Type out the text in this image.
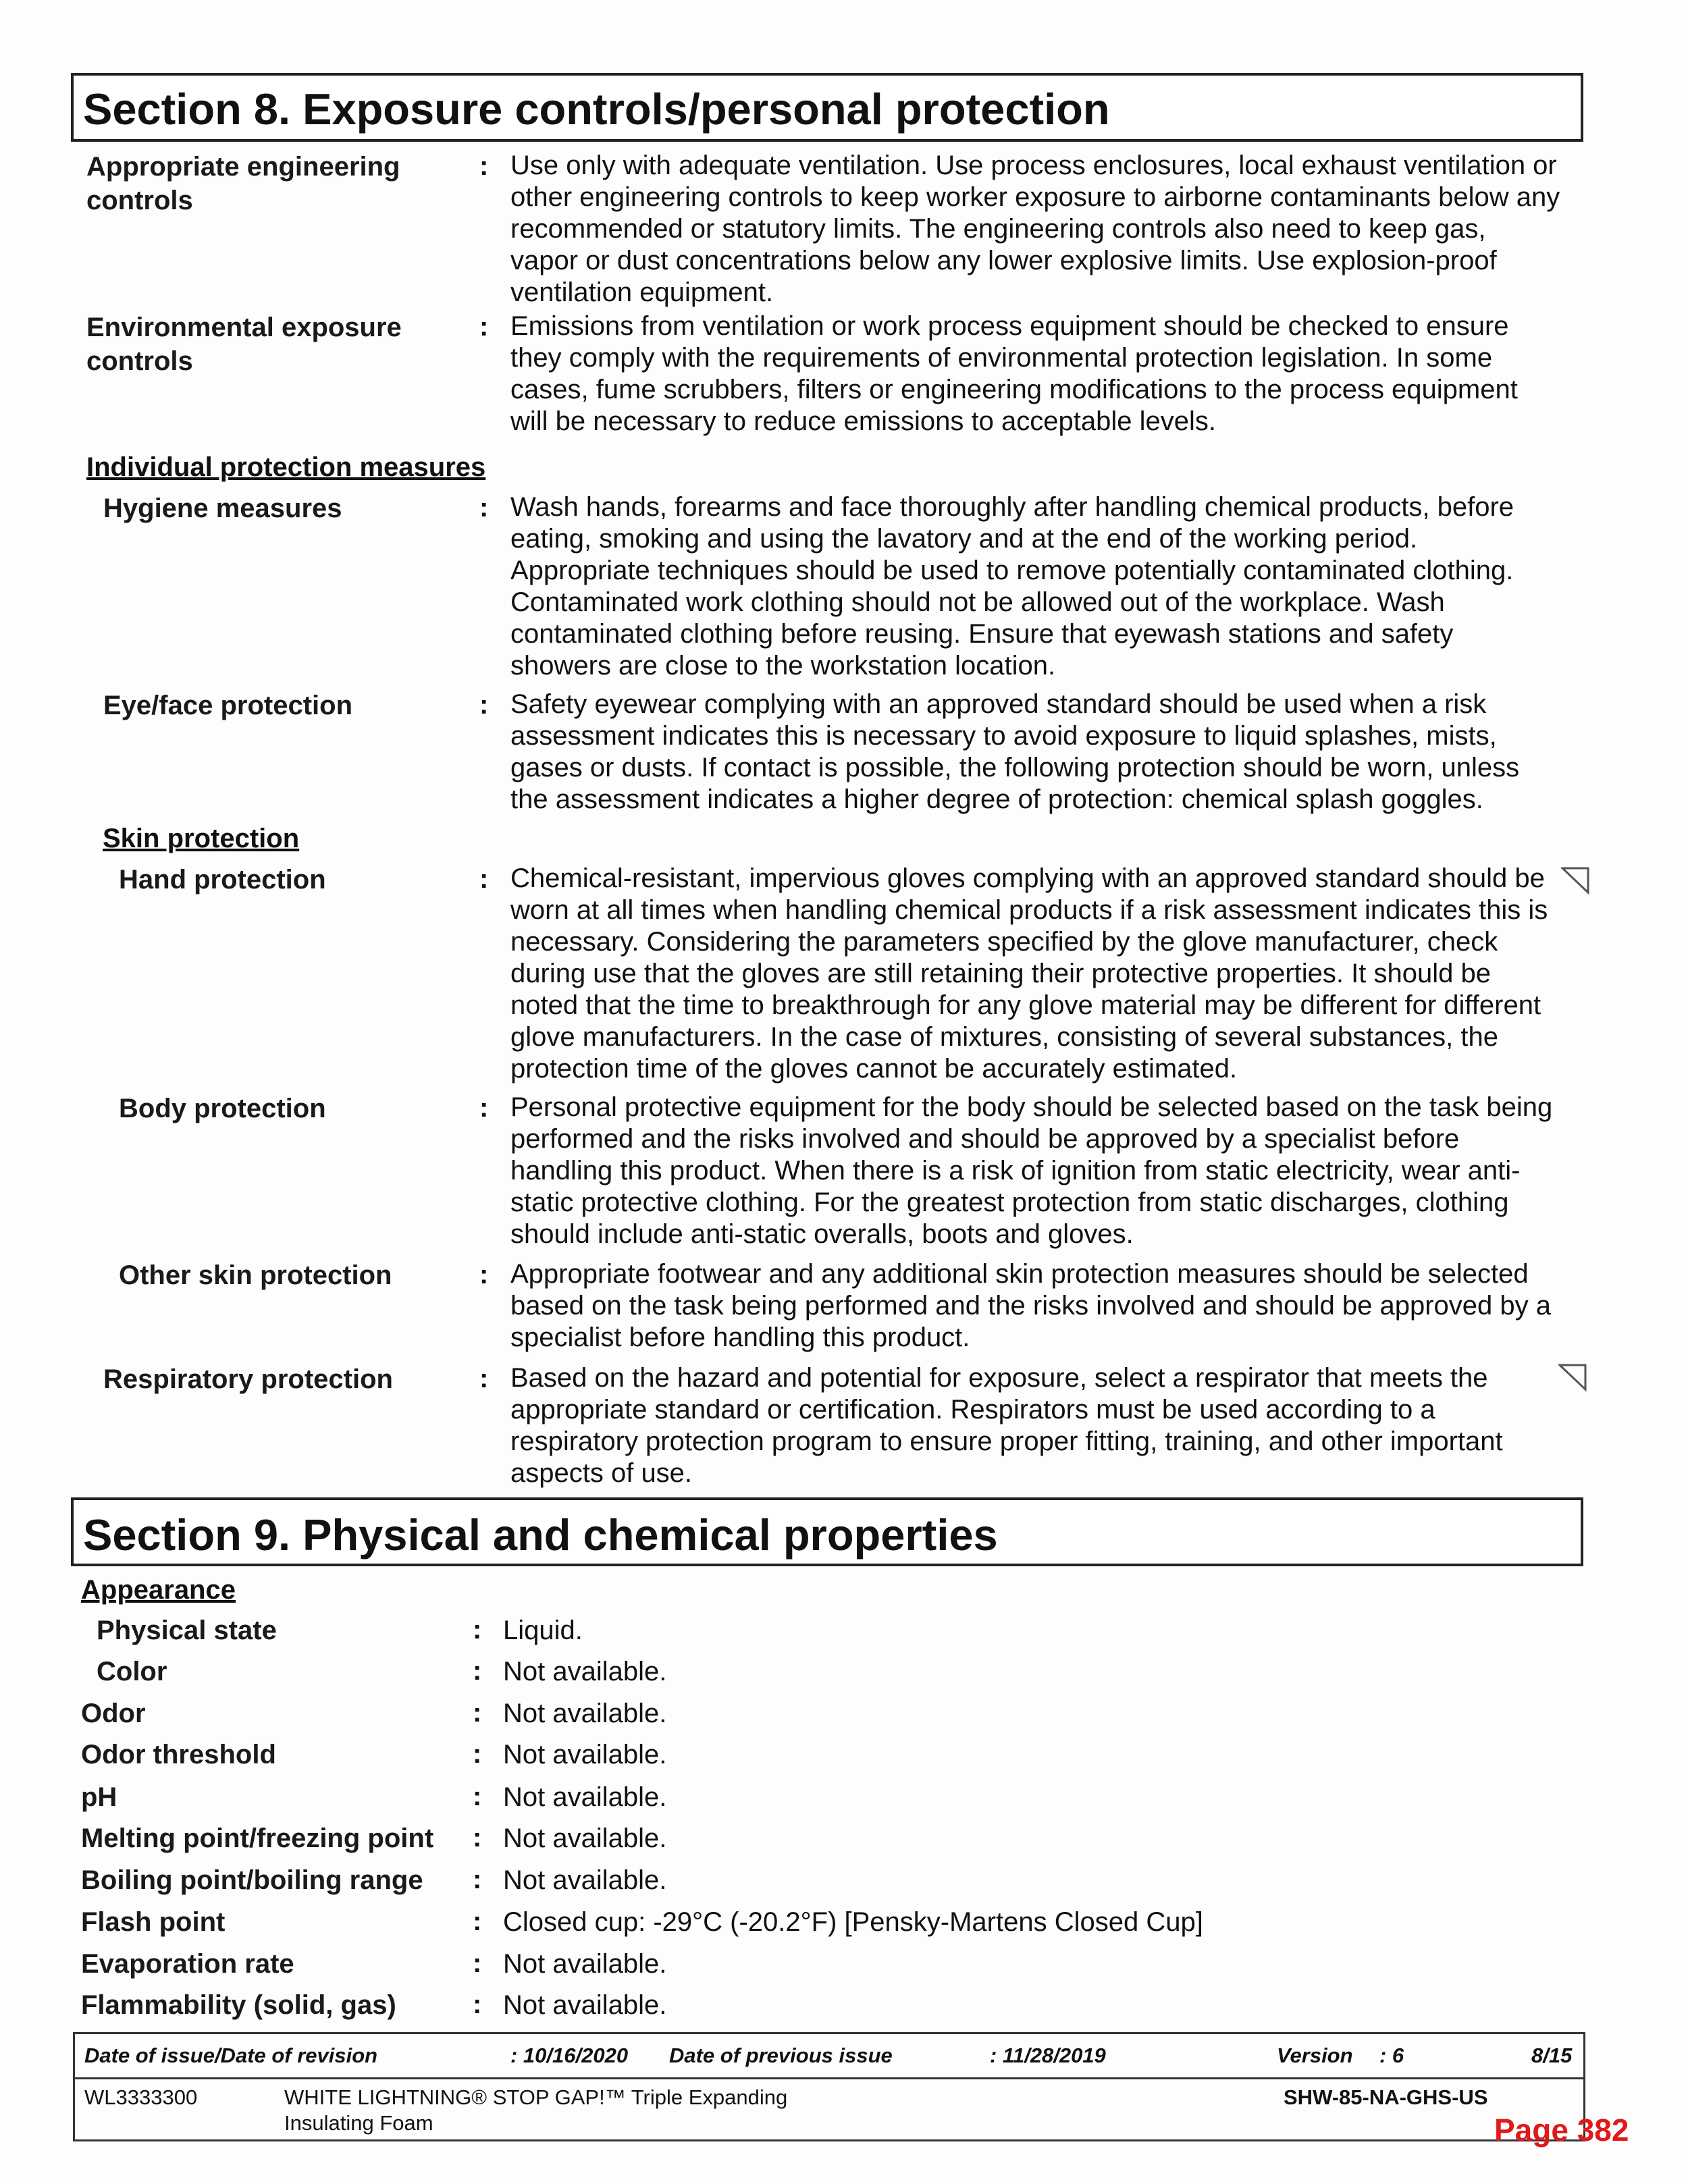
Section 8. Exposure controls/personal protection
Appropriate engineering
controls
: Use only with adequate ventilation. Use process enclosures, local exhaust ventilation or
other engineering controls to keep worker exposure to airborne contaminants below any
recommended or statutory limits. The engineering controls also need to keep gas,
vapor or dust concentrations below any lower explosive limits. Use explosion-proof
ventilation equipment.
Environmental exposure
controls
: Emissions from ventilation or work process equipment should be checked to ensure
they comply with the requirements of environmental protection legislation. In some
cases, fume scrubbers, filters or engineering modifications to the process equipment
will be necessary to reduce emissions to acceptable levels.
Individual protection measures
Hygiene measures	: Wash hands, forearms and face thoroughly after handling chemical products, before
eating, smoking and using the lavatory and at the end of the working period.
Appropriate techniques should be used to remove potentially contaminated clothing.
Contaminated work clothing should not be allowed out of the workplace. Wash
contaminated clothing before reusing. Ensure that eyewash stations and safety
showers are close to the workstation location.
Eye/face protection	: Safety eyewear complying with an approved standard should be used when a risk
assessment indicates this is necessary to avoid exposure to liquid splashes, mists,
gases or dusts. If contact is possible, the following protection should be worn, unless
the assessment indicates a higher degree of protection: chemical splash goggles.
Skin protection
Hand protection	: Chemical-resistant, impervious gloves complying with an approved standard should be
worn at all times when handling chemical products if a risk assessment indicates this is
necessary. Considering the parameters specified by the glove manufacturer, check
during use that the gloves are still retaining their protective properties. It should be
noted that the time to breakthrough for any glove material may be different for different
glove manufacturers. In the case of mixtures, consisting of several substances, the
protection time of the gloves cannot be accurately estimated.
Body protection	: Personal protective equipment for the body should be selected based on the task being
performed and the risks involved and should be approved by a specialist before
handling this product. When there is a risk of ignition from static electricity, wear anti-
static protective clothing. For the greatest protection from static discharges, clothing
should include anti-static overalls, boots and gloves.
Other skin protection	: Appropriate footwear and any additional skin protection measures should be selected
based on the task being performed and the risks involved and should be approved by a
specialist before handling this product.
Respiratory protection	: Based on the hazard and potential for exposure, select a respirator that meets the
appropriate standard or certification. Respirators must be used according to a
respiratory protection program to ensure proper fitting, training, and other important
aspects of use.
Section 9. Physical and chemical properties
Appearance
Physical state	: Liquid.
Color	: Not available.
Odor	: Not available.
Odor threshold	: Not available.
pH	: Not available.
Melting point/freezing point : Not available.
Boiling point/boiling range : Not available.
Flash point	: Closed cup: -29°C (-20.2°F) [Pensky-Martens Closed Cup]
Evaporation rate	: Not available.
Flammability (solid, gas)	: Not available.
Date of issue/Date of revision	: 10/16/2020 Date of previous issue	: 11/28/2019	Version : 6	8/15
WL3333300	WHITE LIGHTNING® STOP GAP!™ Triple Expanding
Insulating Foam
SHW-85-NA-GHS-US
Page 382
